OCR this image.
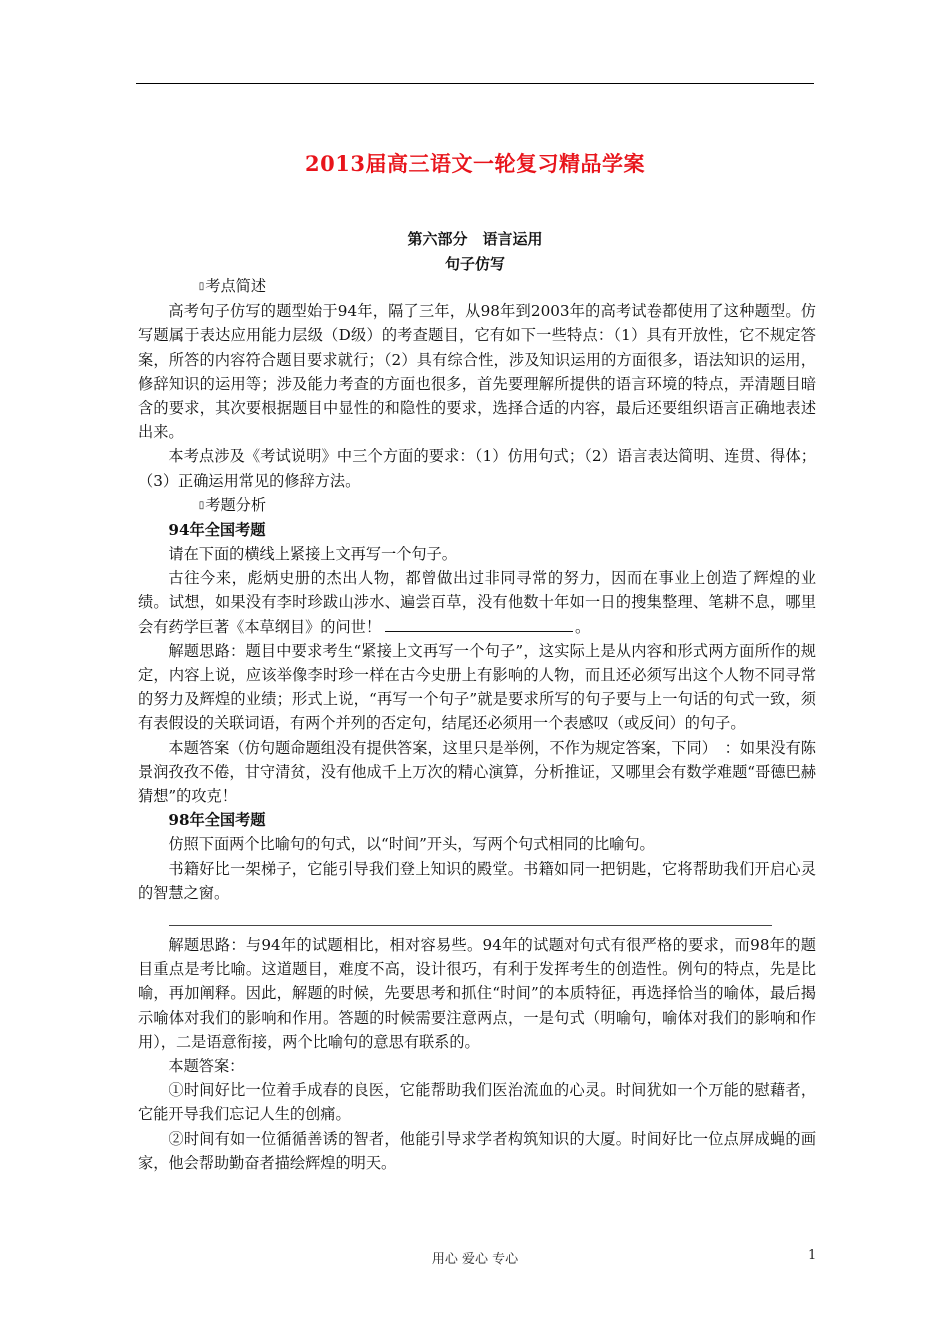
2013届高三语文一轮复习精品学案
第六部分　语言运用
句子仿写

▯考点简述

高考句子仿写的题型始于94年，隔了三年，从98年到2003年的高考试卷都使用了这种题型。仿写题属于表达应用能力层级（D级）的考查题目，它有如下一些特点：（1）具有开放性，它不规定答案，所答的内容符合题目要求就行；（2）具有综合性，涉及知识运用的方面很多，语法知识的运用，修辞知识的运用等；涉及能力考查的方面也很多，首先要理解所提供的语言环境的特点，弄清题目暗含的要求，其次要根据题目中显性的和隐性的要求，选择合适的内容，最后还要组织语言正确地表述出来。

本考点涉及《考试说明》中三个方面的要求：（1）仿用句式；（2）语言表达简明、连贯、得体；（3）正确运用常见的修辞方法。

▯考题分析

94年全国考题

请在下面的横线上紧接上文再写一个句子。

古往今来，彪炳史册的杰出人物，都曾做出过非同寻常的努力，因而在事业上创造了辉煌的业绩。试想，如果没有李时珍跋山涉水、遍尝百草，没有他数十年如一日的搜集整理、笔耕不息，哪里会有药学巨著《本草纲目》的问世！	。

解题思路：题目中要求考生“紧接上文再写一个句子”，这实际上是从内容和形式两方面所作的规定，内容上说，应该举像李时珍一样在古今史册上有影响的人物，而且还必须写出这个人物不同寻常的努力及辉煌的业绩；形式上说，“再写一个句子”就是要求所写的句子要与上一句话的句式一致，须有表假设的关联词语，有两个并列的否定句，结尾还必须用一个表感叹（或反问）的句子。

本题答案（仿句题命题组没有提供答案，这里只是举例，不作为规定答案，下同）　：如果没有陈景润孜孜不倦，甘守清贫，没有他成千上万次的精心演算，分析推证，又哪里会有数学难题“哥德巴赫猜想”的攻克！

98年全国考题

仿照下面两个比喻句的句式，以“时间”开头，写两个句式相同的比喻句。

书籍好比一架梯子，它能引导我们登上知识的殿堂。书籍如同一把钥匙，它将帮助我们开启心灵的智慧之窗。

解题思路：与94年的试题相比，相对容易些。94年的试题对句式有很严格的要求，而98年的题目重点是考比喻。这道题目，难度不高，设计很巧，有利于发挥考生的创造性。例句的特点，先是比喻，再加阐释。因此，解题的时候，先要思考和抓住“时间”的本质特征，再选择恰当的喻体，最后揭示喻体对我们的影响和作用。答题的时候需要注意两点，一是句式（明喻句，喻体对我们的影响和作用），二是语意衔接，两个比喻句的意思有联系的。

本题答案：

①时间好比一位着手成春的良医，它能帮助我们医治流血的心灵。时间犹如一个万能的慰藉者，它能开导我们忘记人生的创痛。

②时间有如一位循循善诱的智者，他能引导求学者构筑知识的大厦。时间好比一位点屏成蝇的画家，他会帮助勤奋者描绘辉煌的明天。

用心 爱心 专心	1
